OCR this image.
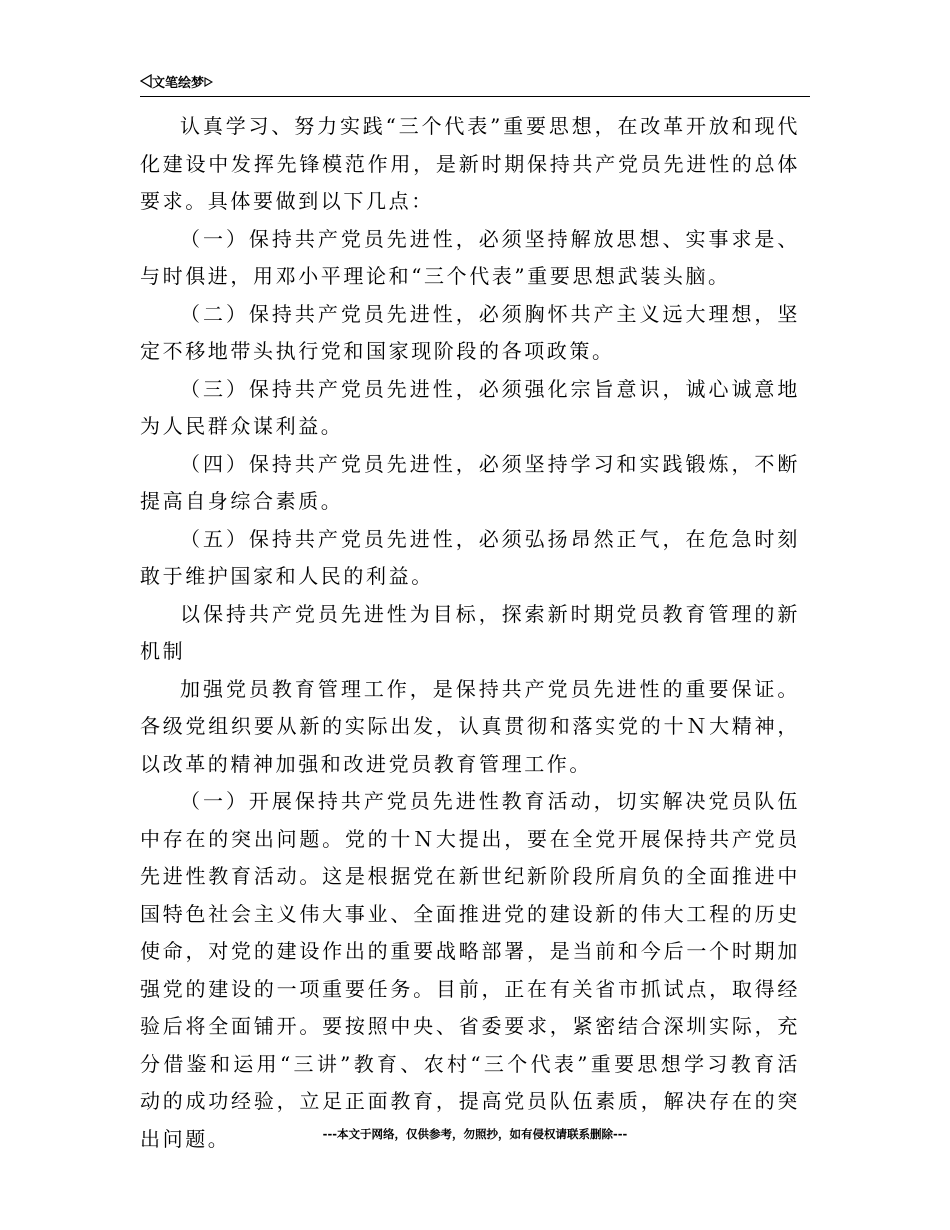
文笔绘梦

认真学习、努力实践“三个代表”重要思想，在改革开放和现代化建设中发挥先锋模范作用，是新时期保持共产党员先进性的总体要求。具体要做到以下几点：

（一）保持共产党员先进性，必须坚持解放思想、实事求是、与时俱进，用邓小平理论和“三个代表”重要思想武装头脑。

（二）保持共产党员先进性，必须胸怀共产主义远大理想，坚定不移地带头执行党和国家现阶段的各项政策。

（三）保持共产党员先进性，必须强化宗旨意识，诚心诚意地为人民群众谋利益。

（四）保持共产党员先进性，必须坚持学习和实践锻炼，不断提高自身综合素质。

（五）保持共产党员先进性，必须弘扬昂然正气，在危急时刻敢于维护国家和人民的利益。

以保持共产党员先进性为目标，探索新时期党员教育管理的新机制

加强党员教育管理工作，是保持共产党员先进性的重要保证。各级党组织要从新的实际出发，认真贯彻和落实党的十Ｎ大精神，以改革的精神加强和改进党员教育管理工作。

（一）开展保持共产党员先进性教育活动，切实解决党员队伍中存在的突出问题。党的十Ｎ大提出，要在全党开展保持共产党员先进性教育活动。这是根据党在新世纪新阶段所肩负的全面推进中国特色社会主义伟大事业、全面推进党的建设新的伟大工程的历史使命，对党的建设作出的重要战略部署，是当前和今后一个时期加强党的建设的一项重要任务。目前，正在有关省市抓试点，取得经验后将全面铺开。要按照中央、省委要求，紧密结合深圳实际，充分借鉴和运用“三讲”教育、农村“三个代表”重要思想学习教育活动的成功经验，立足正面教育，提高党员队伍素质，解决存在的突出问题。	---本文于网络，仅供参考，勿照抄，如有侵权请联系删除---
